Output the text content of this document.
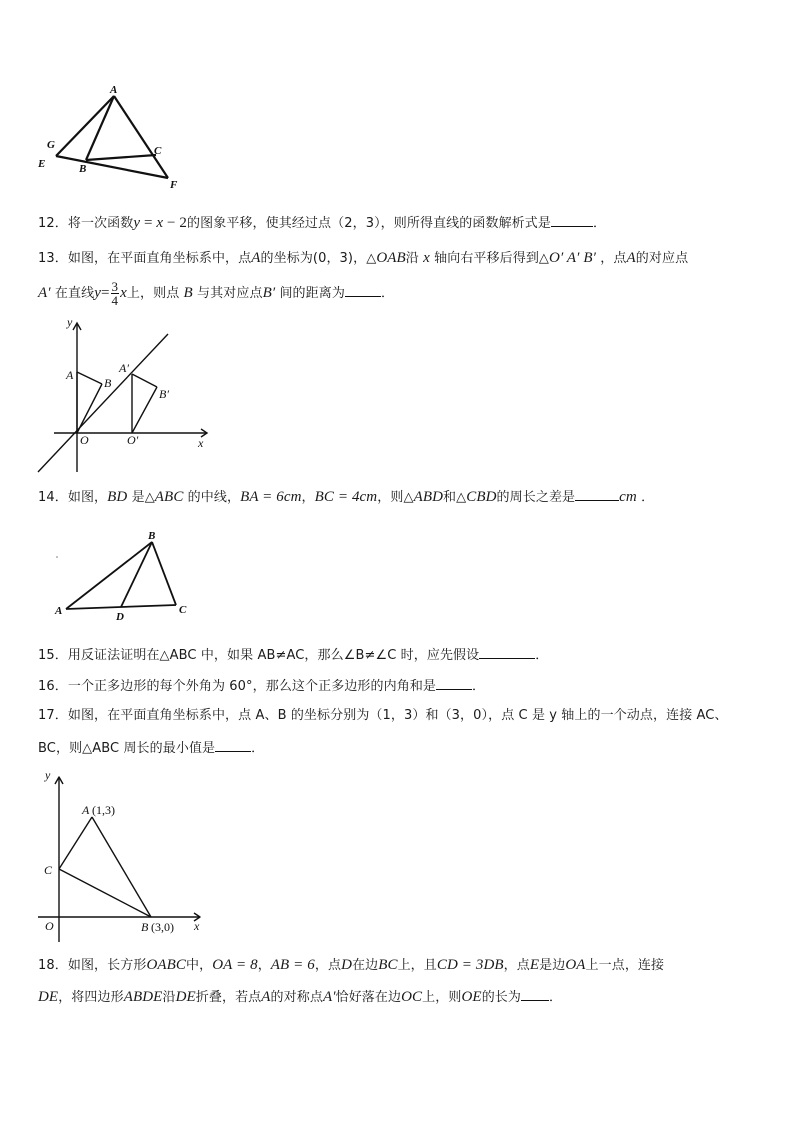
A
G
E	B
C
F
12．将一次函数y = x − 2的图象平移，使其经过点（2，3），则所得直线的函数解析式是	．
13．如图，在平面直角坐标系中，点A的坐标为(0，3)，△OAB沿 x 轴向右平移后得到△O′ A′ B′ ，点A的对应点
A′ 在直线$y= \frac{3}{4}$ x上，则点 B 与其对应点B′ 间的距离为	．
y
A
B
A′
B′
O	O′	x
14．如图，BD 是△ABC 的中线，BA = 6cm，BC = 4cm，则△ABD和△CBD的周长之差是	cm ．
A
B
C
D
15．用反证法证明在△ABC 中，如果 AB≠AC，那么∠B≠∠C 时，应先假设	．
16．一个正多边形的每个外角为 60°，那么这个正多边形的内角和是	．
17．如图，在平面直角坐标系中，点 A、B 的坐标分别为（1，3）和（3，0），点 C 是 y 轴上的一个动点，连接 AC、
BC，则△ABC 周长的最小值是	．
y
A (1,3)
C
O	B (3,0) x
18．如图，长方形OABC中，OA = 8，AB = 6，点D在边BC上，且CD = 3DB，点E是边OA上一点，连接
DE，将四边形ABDE沿DE折叠，若点A的对称点A′恰好落在边OC上，则OE的长为 ．
